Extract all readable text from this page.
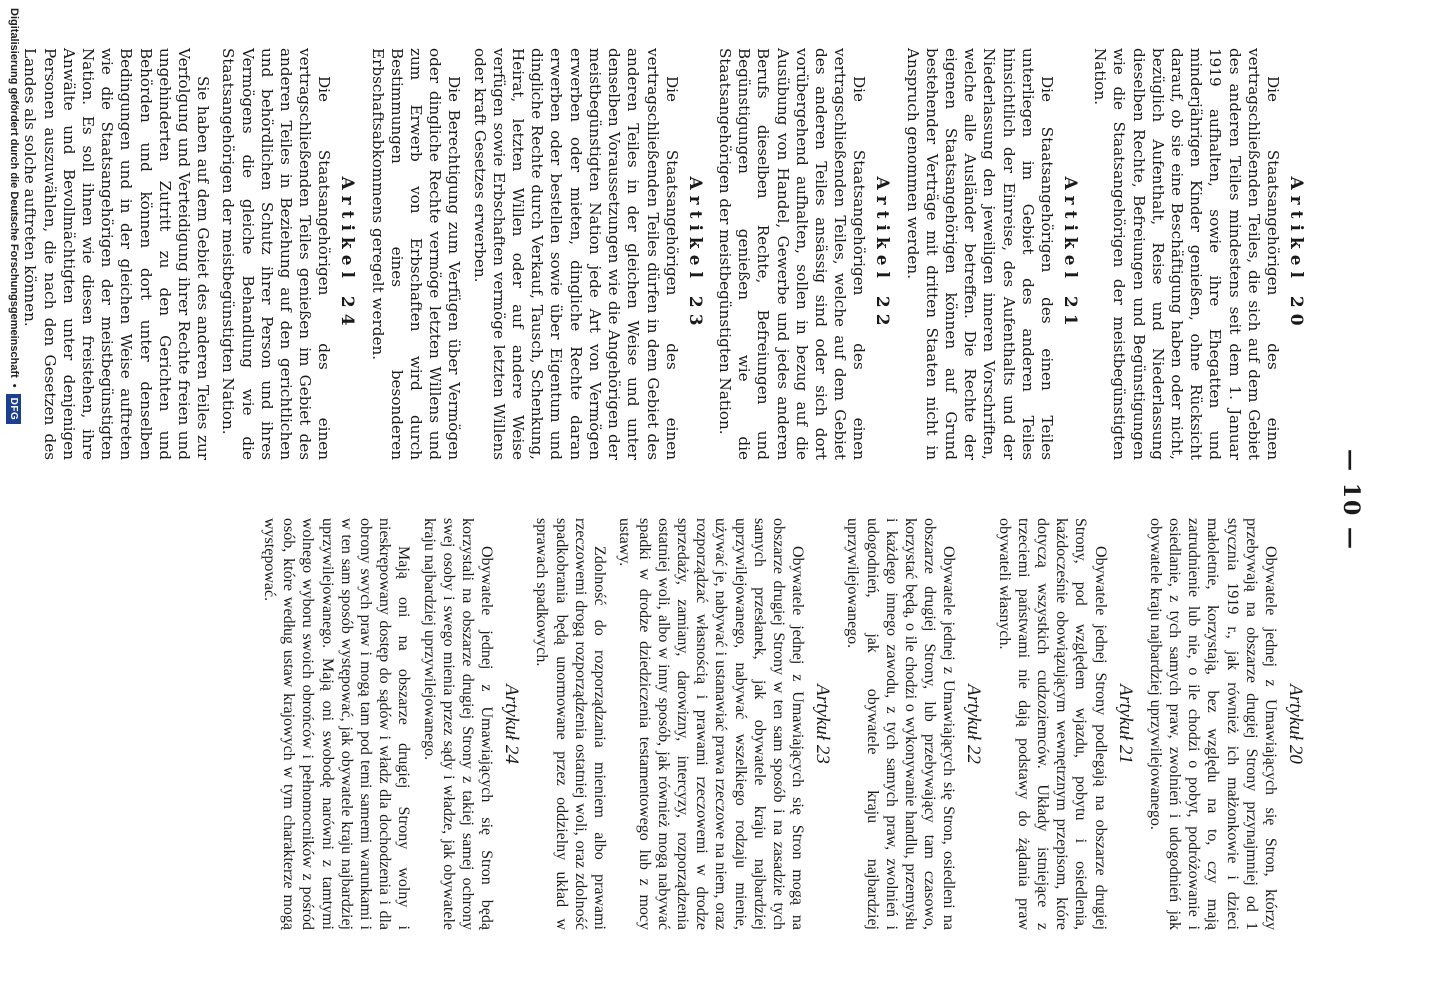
— 10 —
Artikel 20

Die Staatsangehörigen des einen vertragschließenden Teiles, die sich auf dem Gebiet des anderen Teiles mindestens seit dem 1. Januar 1919 aufhalten, sowie ihre Ehegatten und minderjährigen Kinder genießen, ohne Rücksicht darauf, ob sie eine Beschäftigung haben oder nicht, bezüglich Aufenthalt, Reise und Niederlassung dieselben Rechte, Befreiungen und Begünstigungen wie die Staatsangehörigen der meistbegünstigten Nation.

Artikel 21

Die Staatsangehörigen des einen Teiles unterliegen im Gebiet des anderen Teiles hinsichtlich der Einreise, des Aufenthalts und der Niederlassung den jeweiligen inneren Vorschriften, welche alle Ausländer betreffen. Die Rechte der eigenen Staatsangehörigen können auf Grund bestehender Verträge mit dritten Staaten nicht in Anspruch genommen werden.

Artikel 22

Die Staatsangehörigen des einen vertragschließenden Teiles, welche auf dem Gebiet des anderen Teiles ansässig sind oder sich dort vorübergehend aufhalten, sollen in bezug auf die Ausübung von Handel, Gewerbe und jedes anderen Berufs dieselben Rechte, Befreiungen und Begünstigungen genießen wie die Staatsangehörigen der meistbegünstigten Nation.

Artikel 23

Die Staatsangehörigen des einen vertragschließenden Teiles dürfen in dem Gebiet des anderen Teiles in der gleichen Weise und unter denselben Voraussetzungen wie die Angehörigen der meistbegünstigten Nation jede Art von Vermögen erwerben oder mieten, dingliche Rechte daran erwerben oder bestellen sowie über Eigentum und dingliche Rechte durch Verkauf, Tausch, Schenkung, Heirat, letzten Willen oder auf andere Weise verfügen sowie Erbschaften vermöge letzten Willens oder kraft Gesetzes erwerben.

Die Berechtigung zum Verfügen über Vermögen oder dingliche Rechte vermöge letzten Willens und zum Erwerb von Erbschaften wird durch Bestimmungen eines besonderen Erbschaftsabkommens geregelt werden.

Artikel 24

Die Staatsangehörigen des einen vertragschließenden Teiles genießen im Gebiet des anderen Teiles in Beziehung auf den gerichtlichen und behördlichen Schutz ihrer Person und ihres Vermögens die gleiche Behandlung wie die Staatsangehörigen der meistbegünstigten Nation.

Sie haben auf dem Gebiet des anderen Teiles zur Verfolgung und Verteidigung ihrer Rechte freien und ungehinderten Zutritt zu den Gerichten und Behörden und können dort unter denselben Bedingungen und in der gleichen Weise auftreten wie die Staatsangehörigen der meistbegünstigten Nation. Es soll ihnen wie diesen freistehen, ihre Anwälte und Bevollmächtigten unter denjenigen Personen auszuwählen, die nach den Gesetzen des Landes als solche auftreten können.

Artykuł 20

Obywatele jednej z Umawiających się Stron, którzy przebywają na obszarze drugiej Strony przynajmniej od 1 stycznia 1919 r., jak również ich małżonkowie i dzieci małoletnie, korzystają, bez względu na to, czy mają zatrudnienie lub nie, o ile chodzi o pobyt, podróżowanie i osiedlanie, z tych samych praw, zwolnień i udogodnień jak obywatele kraju najbardziej uprzywilejowanego.

Artykuł 21

Obywatele jednej Strony podlegają na obszarze drugiej Strony, pod względem wjazdu, pobytu i osiedlenia, każdocześnie obowiązującym wewnętrznym przepisom, które dotyczą wszystkich cudzoziemców. Układy istniejące z trzeciemi państwami nie dają podstawy do żądania praw obywateli własnych.

Artykuł 22

Obywatele jednej z Umawiających się Stron, osiedleni na obszarze drugiej Strony, lub przebywający tam czasowo, korzystać będą, o ile chodzi o wykonywanie handlu, przemysłu i każdego innego zawodu, z tych samych praw, zwolnień i udogodnień, jak obywatele kraju najbardziej uprzywilejowanego.

Artykuł 23

Obywatele jednej z Umawiających się Stron mogą na obszarze drugiej Strony w ten sam sposób i na zasadzie tych samych przesłanek, jak obywatele kraju najbardziej uprzywilejowanego, nabywać wszelkiego rodzaju mienie, używać je, nabywać i ustanawiać prawa rzeczowe na niem, oraz rozporządzać własnością i prawami rzeczowemi w drodze sprzedaży, zamiany, darowizny, intercyzy, rozporządzenia ostatniej woli, albo w inny sposób, jak również mogą nabywać spadki w drodze dziedziczenia testamentowego lub z mocy ustawy.

Zdolność do rozporządzania mieniem albo prawami rzeczowemi drogą rozporządzenia ostatniej woli, oraz zdolność spadkobrania będą unormowane przez oddzielny układ w sprawach spadkowych.

Artykuł 24

Obywatele jednej z Umawiających się Stron będą korzystali na obszarze drugiej Strony z takiej samej ochrony swej osoby i swego mienia przez sądy i władze, jak obywatele kraju najbardziej uprzywilejowanego.

Mają oni na obszarze drugiej Strony wolny i nieskrępowany dostęp do sądów i władz dla dochodzenia i dla obrony swych praw i mogą tam pod temi samemi warunkami i w ten sam sposób występować, jak obywatele kraju najbardziej uprzywilejowanego. Mają oni swobodę narówni z tamtymi wolnego wyboru swoich obrońców i pełnomocników z pośród osób, które według ustaw krajowych w tym charakterze mogą występować.

Digitalisierung gefördert durch die Deutsche Forschungsgemeinschaft
•
DFG
